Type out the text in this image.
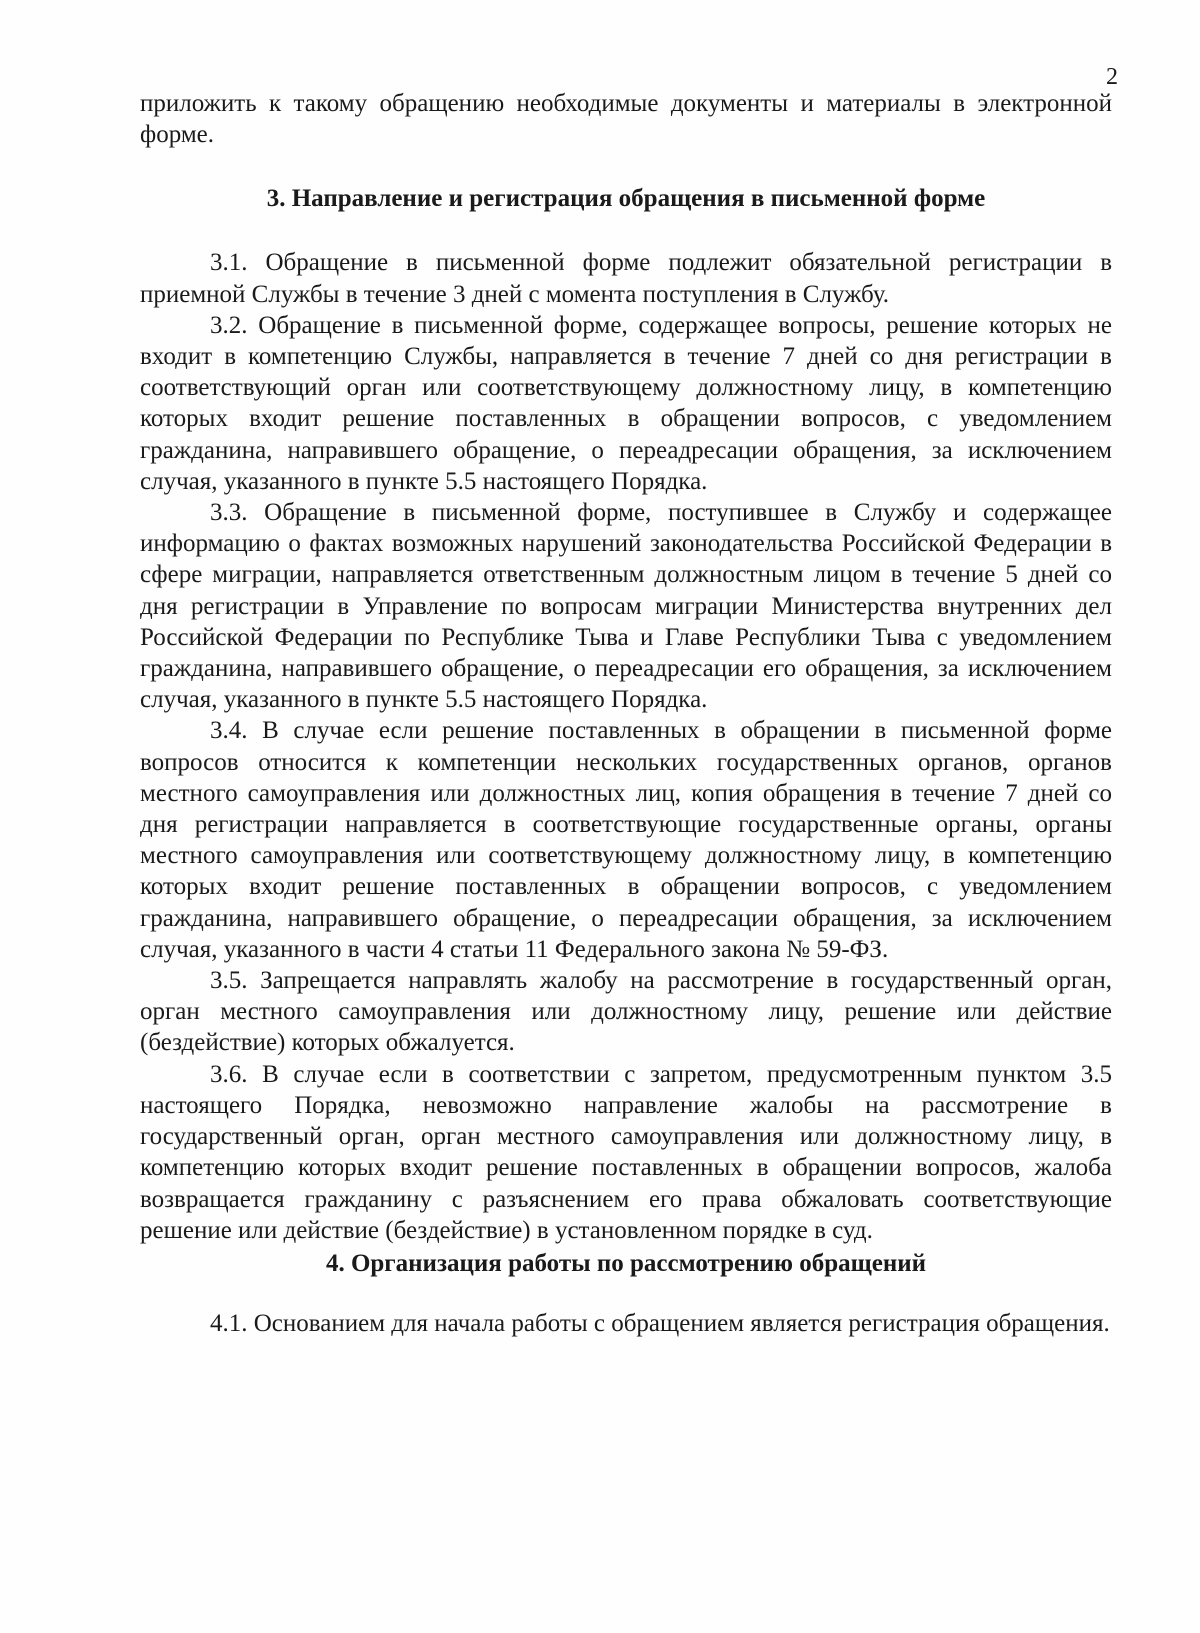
2

приложить к такому обращению необходимые документы и материалы в электронной форме.

3. Направление и регистрация обращения в письменной форме

3.1. Обращение в письменной форме подлежит обязательной регистрации в приемной Службы в течение 3 дней с момента поступления в Службу.

3.2. Обращение в письменной форме, содержащее вопросы, решение которых не входит в компетенцию Службы, направляется в течение 7 дней со дня регистрации в соответствующий орган или соответствующему должностному лицу, в компетенцию которых входит решение поставленных в обращении вопросов, с уведомлением гражданина, направившего обращение, о переадресации обращения, за исключением случая, указанного в пункте 5.5 настоящего Порядка.

3.3. Обращение в письменной форме, поступившее в Службу и содержащее информацию о фактах возможных нарушений законодательства Российской Федерации в сфере миграции, направляется ответственным должностным лицом в течение 5 дней со дня регистрации в Управление по вопросам миграции Министерства внутренних дел Российской Федерации по Республике Тыва и Главе Республики Тыва с уведомлением гражданина, направившего обращение, о переадресации его обращения, за исключением случая, указанного в пункте 5.5 настоящего Порядка.

3.4. В случае если решение поставленных в обращении в письменной форме вопросов относится к компетенции нескольких государственных органов, органов местного самоуправления или должностных лиц, копия обращения в течение 7 дней со дня регистрации направляется в соответствующие государственные органы, органы местного самоуправления или соответствующему должностному лицу, в компетенцию которых входит решение поставленных в обращении вопросов, с уведомлением гражданина, направившего обращение, о переадресации обращения, за исключением случая, указанного в части 4 статьи 11 Федерального закона № 59-ФЗ.

3.5. Запрещается направлять жалобу на рассмотрение в государственный орган, орган местного самоуправления или должностному лицу, решение или действие (бездействие) которых обжалуется.

3.6. В случае если в соответствии с запретом, предусмотренным пунктом 3.5 настоящего Порядка, невозможно направление жалобы на рассмотрение в государственный орган, орган местного самоуправления или должностному лицу, в компетенцию которых входит решение поставленных в обращении вопросов, жалоба возвращается гражданину с разъяснением его права обжаловать соответствующие решение или действие (бездействие) в установленном порядке в суд.

4. Организация работы по рассмотрению обращений

4.1. Основанием для начала работы с обращением является регистрация обращения.
